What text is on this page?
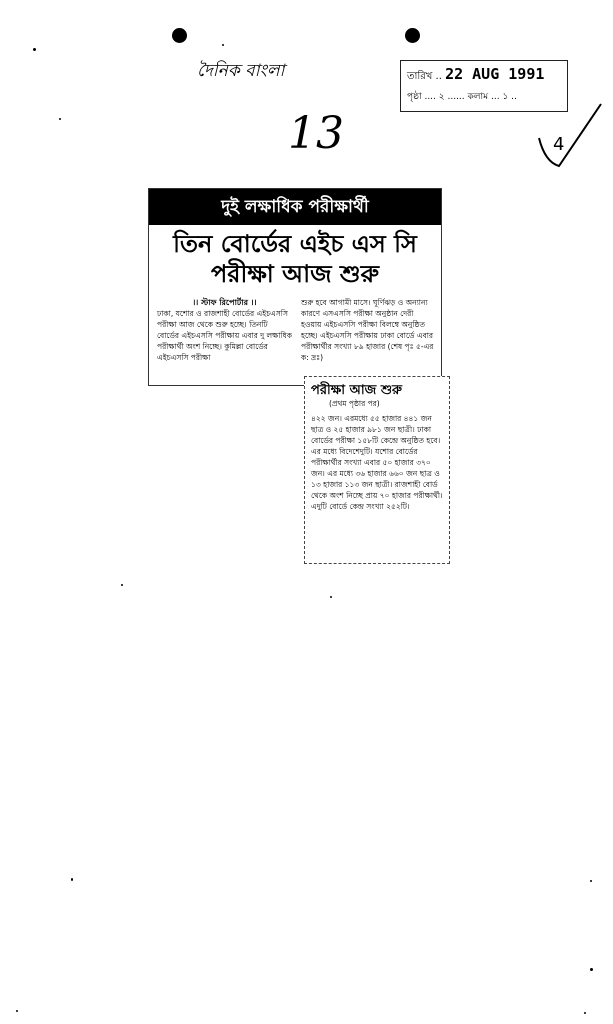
দৈনিক বাংলা
13
তারিখ .. 22 AUG 1991
পৃষ্ঠা .... ২ ...... কলাম ... ১ ..
4
দুই লক্ষাধিক পরীক্ষার্থী
তিন বোর্ডের এইচ এস সি
পরীক্ষা আজ শুরু
।। স্টাফ রিপোর্টার ।।
ঢাকা, যশোর ও রাজশাহী বোর্ডের এইচএসসি পরীক্ষা আজ থেকে শুরু হচ্ছে। তিনটি বোর্ডের এইচএসসি পরীক্ষায় এবার দু লক্ষাধিক পরীক্ষার্থী অংশ নিচ্ছে। কুমিল্লা বোর্ডের এইচএসসি পরীক্ষা
শুরু হবে আগামী মাসে। ঘূর্ণিঝড় ও অন্যান্য কারণে এসএসসি পরীক্ষা অনুষ্ঠান দেরী হওয়ায় এইচএসসি পরীক্ষা বিলম্বে অনুষ্ঠিত হচ্ছে। এইচএসসি পরীক্ষায় ঢাকা বোর্ডে এবার পরীক্ষার্থীর সংখ্যা ৮৯ হাজার (শেষ পৃঃ ৫-এর ক: দ্রঃ)
পরীক্ষা আজ শুরু
(প্রথম পৃষ্ঠার পর)
৪২২ জন। এরমধ্যে ৫৫ হাজার ৪৪১ জন ছাত্র ও ২৫ হাজার ৯৮১ জন ছাত্রী। ঢাকা বোর্ডের পরীক্ষা ১৫৮টি কেন্দ্রে অনুষ্ঠিত হবে। এর মধ্যে বিদেশেদুটি। যশোর বোর্ডের পরীক্ষার্থীর সংখ্যা এবার ৫০ হাজার ৩৭০ জন। এর মধ্যে ৩৬ হাজার ৬৬০ জন ছাত্র ও ১৩ হাজার ১১৩ জন ছাত্রী। রাজশাহী বোর্ড থেকে অংশ নিচ্ছে প্রায় ৭০ হাজার পরীক্ষার্থী। এদুটি বোর্ডে কেন্দ্র সংখ্যা ২৫২টি।
